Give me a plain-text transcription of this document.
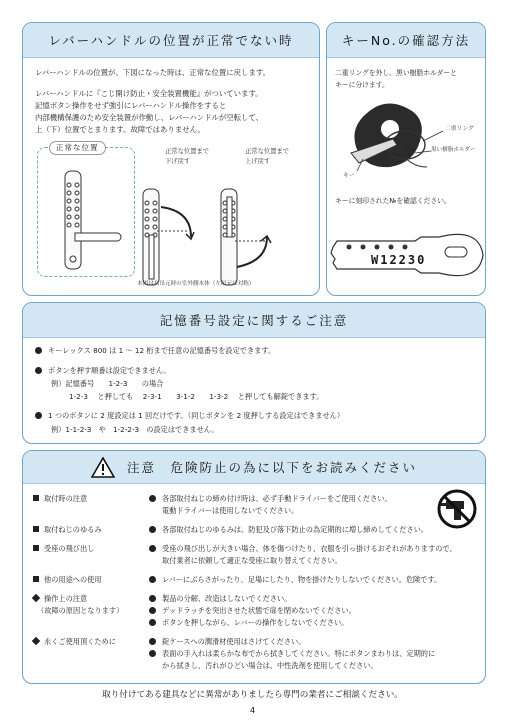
レバーハンドルの位置が正常でない時
レバーハンドルの位置が、下図になった時は、正常な位置に戻します。
レバーハンドルに『こじ開け防止・安全装置機能』がついています。
記憶ボタン操作をせず強引にレバーハンドル操作をすると
内部機構保護のため安全装置が作動し、レバーハンドルが空転して、
上（下）位置でとまります。故障ではありません。
正常な位置	正常な位置まで
下げ戻す
正常な位置まで
上げ戻す
本図は右吊元時の室外側本体（左吊元は対称）
キーNo.の確認方法
二重リングを外し、黒い樹脂ホルダーと
キーに分けます。
二重リング
黒い樹脂ホルダー
キー
キーに刻印された№を確認ください。
W12230
記憶番号設定に関するご注意
キーレックス 800 は 1 〜 12 桁まで任意の記憶番号を設定できます。
ボタンを押す順番は設定できません。
例）記憶番号　　1-2-3　　の場合
1-2-3　 と押しても　 2-3-1　　3-1-2　　1-3-2　 と押しても解錠できます。
1 つのボタンに 2 度設定は 1 回だけです。（同じボタンを 2 度押しする設定はできません）
例）1-1-2-3　や　1-2-2-3　の設定はできません。
注意　危険防止の為に以下をお読みください
取付時の注意	各部取付ねじの締め付け時は、必ず手動ドライバーをご使用ください。
電動ドライバーは使用しないでください。
取付ねじのゆるみ	各部取付ねじのゆるみは、防犯及び落下防止の為定期的に増し締めしてください。
受座の飛び出し	受座の飛び出しが大きい場合、体を傷つけたり、衣服を引っ掛けるおそれがありますので、
取付業者に依頼して適正な受座に取り替えてください。
他の用途への使用	レバーにぶらさがったり、足場にしたり、物を掛けたりしないでください。危険です。
操作上の注意
（故障の原因となります）
製品の分解、改造はしないでください。
デッドラッチを突出させた状態で扉を閉めないでください。
ボタンを押しながら、レバーの操作をしないでください。
永くご使用頂くために	錠ケースへの潤滑材使用はさけてください。
表面の手入れは柔らかな布でから拭きしてください。特にボタンまわりは、定期的に
から拭きし、汚れがひどい場合は、中性洗剤を使用してください。
取り付けてある建具などに異常がありましたら専門の業者にご相談ください。
4
